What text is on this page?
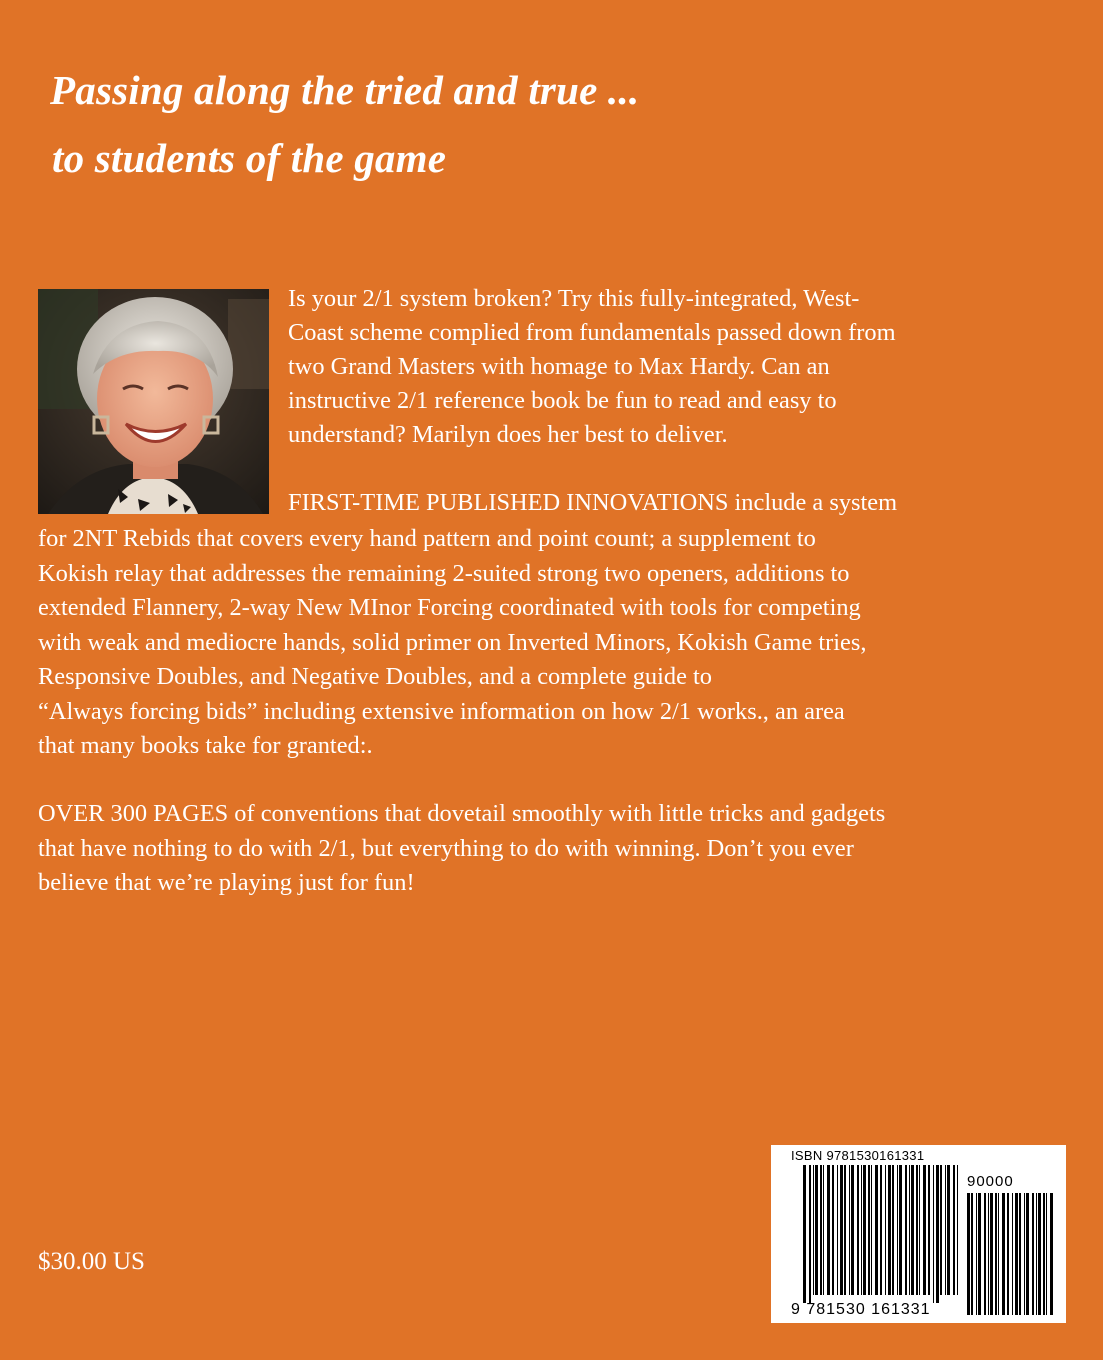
Passing along the tried and true ...
to students of the game
Is your 2/1 system broken? Try this fully-integrated, West-
Coast scheme complied from fundamentals passed down from
two Grand Masters with homage to Max Hardy. Can an
instructive 2/1 reference book be fun to read and easy to
understand? Marilyn does her best to deliver.
FIRST-TIME PUBLISHED INNOVATIONS include a system
for 2NT Rebids that covers every hand pattern and point count; a supplement to
Kokish relay that addresses the remaining 2-suited strong two openers, additions to
extended Flannery, 2-way New MInor Forcing coordinated with tools for competing
with weak and mediocre hands, solid primer on Inverted Minors, Kokish Game tries,
Responsive Doubles, and Negative Doubles, and a complete guide to
“Always forcing bids” including extensive information on how 2/1 works., an area
that many books take for granted:.
OVER 300 PAGES of conventions that dovetail smoothly with little tricks and gadgets
that have nothing to do with 2/1, but everything to do with winning. Don’t you ever
believe that we’re playing just for fun!
$30.00 US
ISBN 9781530161331
90000
9 781530 161331
